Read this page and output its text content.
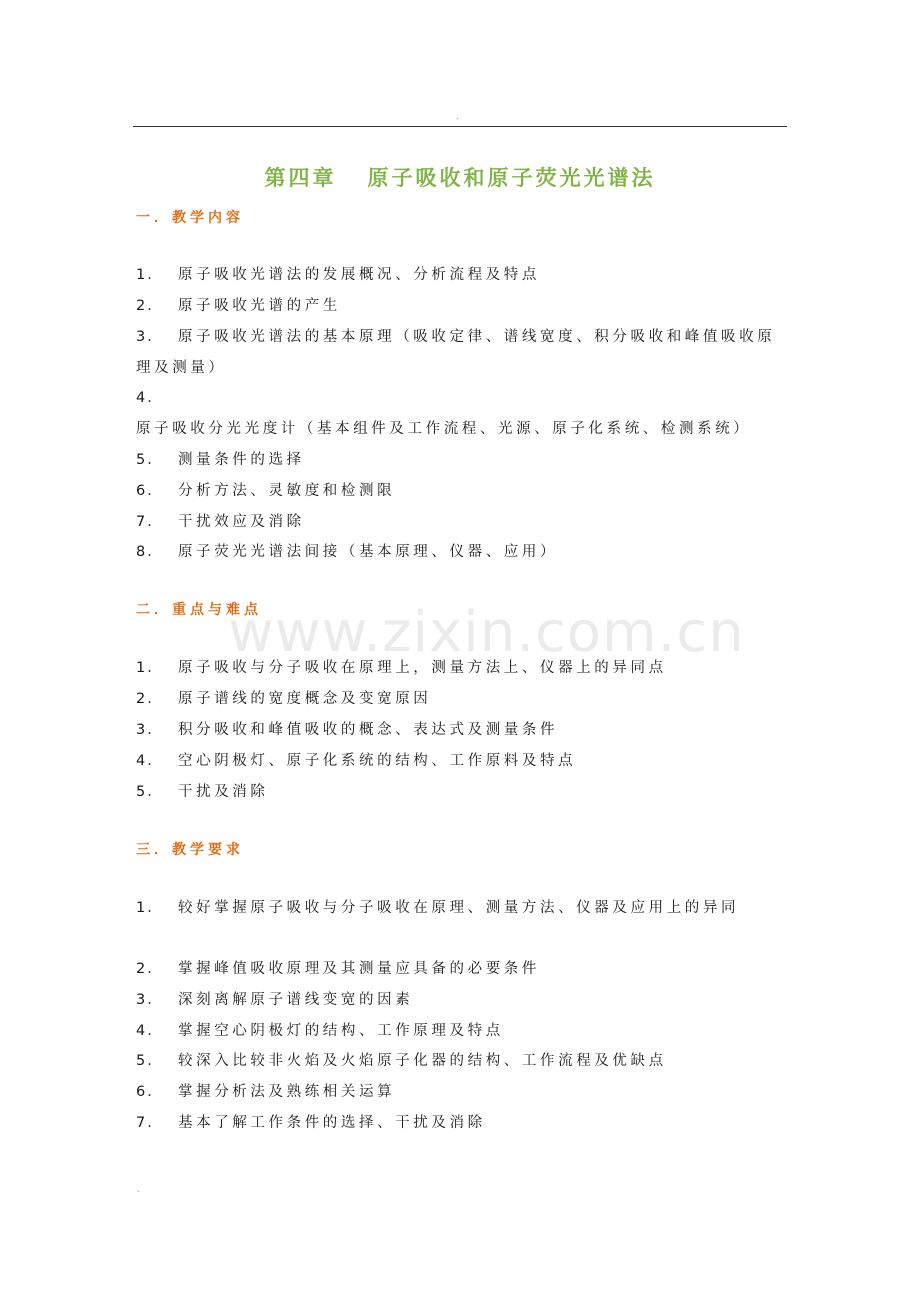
.
第四章   原子吸收和原子荧光光谱法
一．教学内容
1． 原子吸收光谱法的发展概况、分析流程及特点
2． 原子吸收光谱的产生
3． 原子吸收光谱法的基本原理（吸收定律、谱线宽度、积分吸收和峰值吸收原理及测量）
4．原子吸收分光光度计（基本组件及工作流程、光源、原子化系统、检测系统）
5． 测量条件的选择
6． 分析方法、灵敏度和检测限
7． 干扰效应及消除
8． 原子荧光光谱法间接（基本原理、仪器、应用）
二．重点与难点
1． 原子吸收与分子吸收在原理上，测量方法上、仪器上的异同点
2． 原子谱线的宽度概念及变宽原因
3． 积分吸收和峰值吸收的概念、表达式及测量条件
4． 空心阴极灯、原子化系统的结构、工作原料及特点
5． 干扰及消除
三．教学要求
1． 较好掌握原子吸收与分子吸收在原理、测量方法、仪器及应用上的异同
2． 掌握峰值吸收原理及其测量应具备的必要条件
3． 深刻离解原子谱线变宽的因素
4． 掌握空心阴极灯的结构、工作原理及特点
5． 较深入比较非火焰及火焰原子化器的结构、工作流程及优缺点
6． 掌握分析法及熟练相关运算
7． 基本了解工作条件的选择、干扰及消除
www.zixin.com.cn
.
